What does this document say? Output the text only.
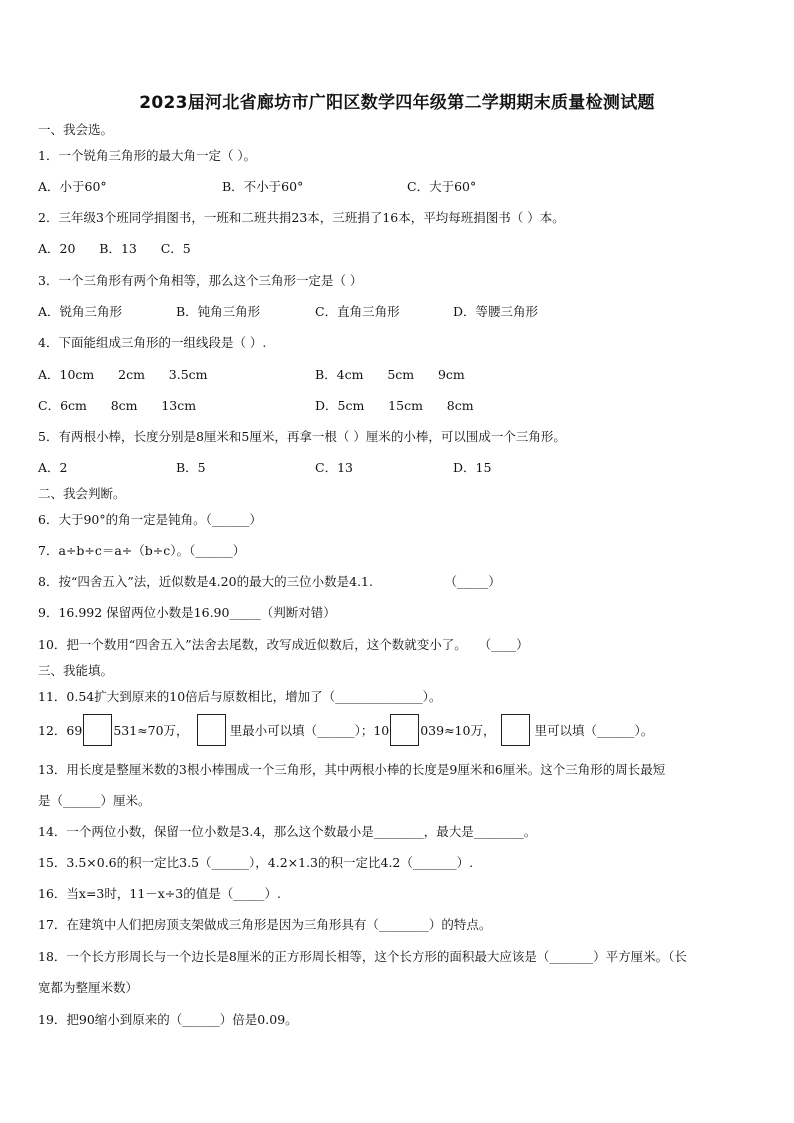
2023届河北省廊坊市广阳区数学四年级第二学期期末质量检测试题
一、我会选。
1．一个锐角三角形的最大角一定（ ）。
A．小于60°	B．不小于60°	C．大于60°
2．三年级3个班同学捐图书，一班和二班共捐23本，三班捐了16本，平均每班捐图书（ ）本。
A．20      B．13      C．5
3．一个三角形有两个角相等，那么这个三角形一定是（ ）
A．锐角三角形	B．钝角三角形	C．直角三角形	D．等腰三角形
4．下面能组成三角形的一组线段是（ ）.
A．10cm      2cm      3.5cm	B．4cm      5cm      9cm
C．6cm      8cm      13cm	D．5cm      15cm      8cm
5．有两根小棒，长度分别是8厘米和5厘米，再拿一根（ ）厘米的小棒，可以围成一个三角形。
A．2	B．5	C．13	D．15
二、我会判断。
6．大于90°的角一定是钝角。（______）
7．a÷b÷c＝a÷（b÷c）。（______）
8．按“四舍五入”法，近似数是4.20的最大的三位小数是4.1.                  （_____）
9．16.992 保留两位小数是16.90_____（判断对错）
10．把一个数用“四舍五入”法舍去尾数，改写成近似数后，这个数就变小了。   （____）
三、我能填。
11．0.54扩大到原来的10倍后与原数相比，增加了（______________）。
12．69 531≈70万，	里最小可以填（______）；10 039≈10万，	里可以填（______）。
13．用长度是整厘米数的3根小棒围成一个三角形，其中两根小棒的长度是9厘米和6厘米。这个三角形的周长最短
是（______）厘米。
14．一个两位小数，保留一位小数是3.4，那么这个数最小是________，最大是________。
15．3.5×0.6的积一定比3.5（______），4.2×1.3的积一定比4.2（_______）.
16．当x=3时，11－x÷3的值是（_____）.
17．在建筑中人们把房顶支架做成三角形是因为三角形具有（________）的特点。
18．一个长方形周长与一个边长是8厘米的正方形周长相等，这个长方形的面积最大应该是（_______）平方厘米。（长
宽都为整厘米数）
19．把90缩小到原来的（______）倍是0.09。
